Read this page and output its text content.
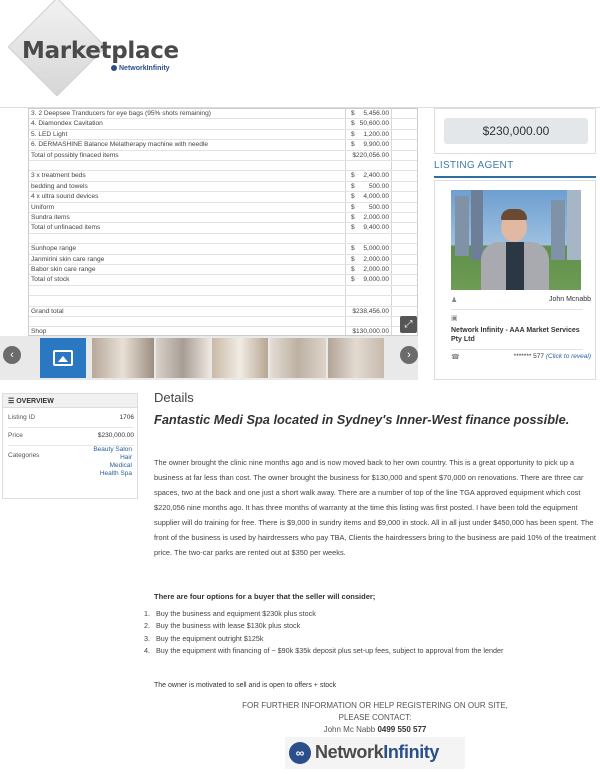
Marketplace
NetworkInfinity
3. 2 Deepsee Tranducers for eye bags (95% shots remaining)	$ 5,456.00
4. Diamondex Cavitation	$ 50,600.00
5. LED Light	$ 1,200.00
6. DERMASHINE Balance Melatherapy machine with needle	$ 9,900.00
Total of possibly finaced items	$220,056.00
3 x treatment beds	$ 2,400.00
bedding and towels	$ 500.00
4 x ultra sound devices	$ 4,000.00
Uniform	$ 500.00
Sundra items	$ 2,000.00
Total of unfinaced items	$ 9,400.00
Sunhope range	$ 5,000.00
Janmirini skin care range	$ 2,000.00
Babor skin care range	$ 2,000.00
Total of stock	$ 9,000.00
Grand total	$238,456.00
Shop	$130,000.00
⤢
‹	›
$230,000.00
LISTING AGENT
♟	John Mcnabb
▣
Network Infinity - AAA Market Services Pty Ltd
☎	******* 577 (Click to reveal)
☰ OVERVIEW
Listing ID	1706
Price	$230,000.00
Categories
Beauty Salon
Hair
Medical
Health Spa
Details
Fantastic Medi Spa located in Sydney's Inner-West finance possible.
The owner brought the clinic nine months ago and is now moved back to her own country. This is a great opportunity to pick up a business at far less than cost. The owner brought the business for $130,000 and spent $70,000 on renovations. There are three car spaces, two at the back and one just a short walk away. There are a number of top of the line TGA approved equipment which cost $220,056 nine months ago. It has three months of warranty at the time this listing was first posted. I have been told the equipment supplier will do training for free. There is $9,000 in sundry items and $9,000 in stock. All in all just under $450,000 has been spent. The front of the business is used by hairdressers who pay TBA, Clients the hairdressers bring to the business are paid 10% of the treatment price. The two-car parks are rented out at $350 per weeks.
There are four options for a buyer that the seller will consider;
1. Buy the business and equipment $230k plus stock
2. Buy the business with lease $130k plus stock
3. Buy the equipment outright $125k
4. Buy the equipment with financing of ~ $90k $35k deposit plus set-up fees, subject to approval from the lender
The owner is motivated to sell and is open to offers + stock
FOR FURTHER INFORMATION OR HELP REGISTERING ON OUR SITE,
PLEASE CONTACT:
John Mc Nabb 0499 550 577
∞ NetworkInfinity
